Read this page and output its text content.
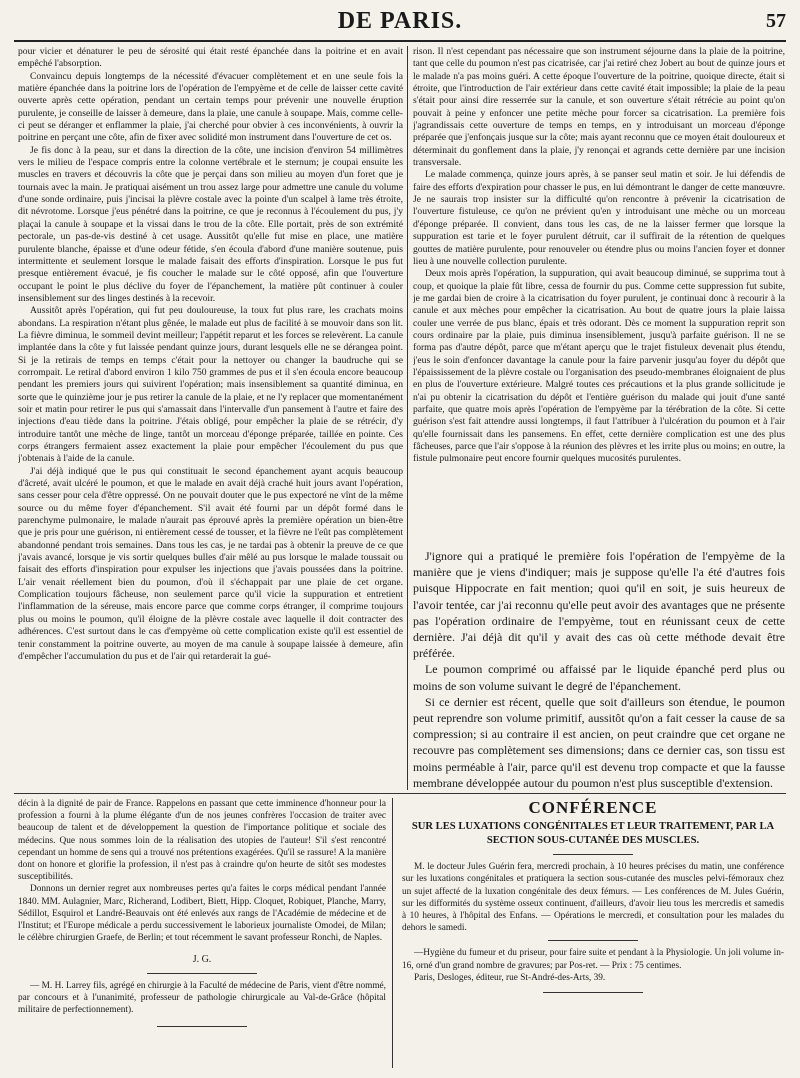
DE PARIS.	57

pour vicier et dénaturer le peu de sérosité qui était resté épanchée dans la poitrine et en avait empêché l'absorption.

Convaincu depuis longtemps de la nécessité d'évacuer complètement et en une seule fois la matière épanchée dans la poitrine lors de l'opération de l'empyème et de celle de laisser cette cavité ouverte après cette opération, pendant un certain temps pour prévenir une nouvelle éruption purulente, je conseille de laisser à demeure, dans la plaie, une canule à soupape. Mais, comme celle-ci peut se déranger et enflammer la plaie, j'ai cherché pour obvier à ces inconvénients, à ouvrir la poitrine en perçant une côte, afin de fixer avec solidité mon instrument dans l'ouverture de cet os.

Je fis donc à la peau, sur et dans la direction de la côte, une incision d'environ 54 millimètres vers le milieu de l'espace compris entre la colonne vertébrale et le sternum; je coupai ensuite les muscles en travers et découvris la côte que je perçai dans son milieu au moyen d'un foret que je tournais avec la main. Je pratiquai aisément un trou assez large pour admettre une canule du volume d'une sonde ordinaire, puis j'incisai la plèvre costale avec la pointe d'un scalpel à lame très étroite, dit névrotome. Lorsque j'eus pénétré dans la poitrine, ce que je reconnus à l'écoulement du pus, j'y plaçai la canule à soupape et la vissai dans le trou de la côte. Elle portait, près de son extrémité pectorale, un pas-de-vis destiné à cet usage. Aussitôt qu'elle fut mise en place, une matière purulente blanche, épaisse et d'une odeur fétide, s'en écoula d'abord d'une manière soutenue, puis intermittente et seulement lorsque le malade faisait des efforts d'inspiration. Lorsque le pus fut presque entièrement évacué, je fis coucher le malade sur le côté opposé, afin que l'ouverture occupant le point le plus déclive du foyer de l'épanchement, la matière pût continuer à couler insensiblement sur des linges destinés à la recevoir.

Aussitôt après l'opération, qui fut peu douloureuse, la toux fut plus rare, les crachats moins abondans. La respiration n'étant plus gênée, le malade eut plus de facilité à se mouvoir dans son lit. La fièvre diminua, le sommeil devint meilleur; l'appétit reparut et les forces se relevèrent. La canule implantée dans la côte y fut laissée pendant quinze jours, durant lesquels elle ne se dérangea point. Si je la retirais de temps en temps c'était pour la nettoyer ou changer la baudruche qui se corrompait. Le retiral d'abord environ 1 kilo 750 grammes de pus et il s'en écoula encore beaucoup pendant les premiers jours qui suivirent l'opération; mais insensiblement sa quantité diminua, en sorte que le quinzième jour je pus retirer la canule de la plaie, et ne l'y replacer que momentanément soir et matin pour retirer le pus qui s'amassait dans l'intervalle d'un pansement à l'autre et faire des injections d'eau tiède dans la poitrine. J'étais obligé, pour empêcher la plaie de se rétrécir, d'y introduire tantôt une mèche de linge, tantôt un morceau d'éponge préparée, taillée en pointe. Ces corps étrangers fermaient assez exactement la plaie pour empêcher l'écoulement du pus que j'obtenais à l'aide de la canule.

J'ai déjà indiqué que le pus qui constituait le second épanchement ayant acquis beaucoup d'âcreté, avait ulcéré le poumon, et que le malade en avait déjà craché huit jours avant l'opération, sans cesser pour cela d'être oppressé. On ne pouvait douter que le pus expectoré ne vînt de la même source ou du même foyer d'épanchement. S'il avait été fourni par un dépôt formé dans le parenchyme pulmonaire, le malade n'aurait pas éprouvé après la première opération un bien-être que je pris pour une guérison, ni entièrement cessé de tousser, et la fièvre ne l'eût pas complètement abandonné pendant trois semaines. Dans tous les cas, je ne tardai pas à obtenir la preuve de ce que j'avais avancé, lorsque je vis sortir quelques bulles d'air mêlé au pus lorsque le malade toussait ou faisait des efforts d'inspiration pour expulser les injections que j'avais poussées dans la poitrine. L'air venait réellement bien du poumon, d'où il s'échappait par une plaie de cet organe. Complication toujours fâcheuse, non seulement parce qu'il vicie la suppuration et entretient l'inflammation de la séreuse, mais encore parce que comme corps étranger, il comprime toujours plus ou moins le poumon, qu'il éloigne de la plèvre costale avec laquelle il doit contracter des adhérences. C'est surtout dans le cas d'empyème où cette complication existe qu'il est essentiel de tenir constamment la poitrine ouverte, au moyen de ma canule à soupape laissée à demeure, afin d'empêcher l'accumulation du pus et de l'air qui retarderait la gué-

rison. Il n'est cependant pas nécessaire que son instrument séjourne dans la plaie de la poitrine, tant que celle du poumon n'est pas cicatrisée, car j'ai retiré chez Jobert au bout de quinze jours et le malade n'a pas moins guéri. A cette époque l'ouverture de la poitrine, quoique directe, était si étroite, que l'introduction de l'air extérieur dans cette cavité était impossible; la plaie de la peau s'était pour ainsi dire resserrée sur la canule, et son ouverture s'était rétrécie au point qu'on pouvait à peine y enfoncer une petite mèche pour forcer sa cicatrisation. La première fois j'agrandissais cette ouverture de temps en temps, en y introduisant un morceau d'éponge préparée que j'enfonçais jusque sur la côte; mais ayant reconnu que ce moyen était douloureux et déterminait du gonflement dans la plaie, j'y renonçai et agrands cette dernière par une incision transversale.

Le malade commença, quinze jours après, à se panser seul matin et soir. Je lui défendis de faire des efforts d'expiration pour chasser le pus, en lui démontrant le danger de cette manœuvre. Je ne saurais trop insister sur la difficulté qu'on rencontre à prévenir la cicatrisation de l'ouverture fistuleuse, ce qu'on ne prévient qu'en y introduisant une mèche ou un morceau d'éponge préparée. Il convient, dans tous les cas, de ne la laisser fermer que lorsque la suppuration est tarie et le foyer purulent détruit, car il suffirait de la rétention de quelques gouttes de matière purulente, pour renouveler ou étendre plus ou moins l'ancien foyer et donner lieu à une nouvelle collection purulente.

Deux mois après l'opération, la suppuration, qui avait beaucoup diminué, se supprima tout à coup, et quoique la plaie fût libre, cessa de fournir du pus. Comme cette suppression fut subite, je me gardai bien de croire à la cicatrisation du foyer purulent, je continuai donc à recourir à la canule et aux mèches pour empêcher la cicatrisation. Au bout de quatre jours la plaie laissa couler une verrée de pus blanc, épais et très odorant. Dès ce moment la suppuration reprit son cours ordinaire par la plaie, puis diminua insensiblement, jusqu'à parfaite guérison. Il ne se forma pas d'autre dépôt, parce que m'étant aperçu que le trajet fistuleux devenait plus étendu, j'eus le soin d'enfoncer davantage la canule pour la faire parvenir jusqu'au foyer du dépôt que l'épaississement de la plèvre costale ou l'organisation des pseudo-membranes éloignaient de plus en plus de l'ouverture extérieure. Malgré toutes ces précautions et la plus grande sollicitude je n'ai pu obtenir la cicatrisation du dépôt et l'entière guérison du malade qui jouit d'une santé parfaite, que quatre mois après l'opération de l'empyème par la térébration de la côte. Si cette guérison s'est fait attendre aussi longtemps, il faut l'attribuer à l'ulcération du poumon et à l'air qu'elle fournissait dans les pansemens. En effet, cette dernière complication est une des plus fâcheuses, parce que l'air s'oppose à la réunion des plèvres et les irrite plus ou moins; en outre, la fistule pulmonaire peut encore fournir quelques mucosités purulentes.

J'ignore qui a pratiqué le première fois l'opération de l'empyème de la manière que je viens d'indiquer; mais je suppose qu'elle l'a été d'autres fois puisque Hippocrate en fait mention; quoi qu'il en soit, je suis heureux de l'avoir tentée, car j'ai reconnu qu'elle peut avoir des avantages que ne présente pas l'opération ordinaire de l'empyème, tout en réunissant ceux de cette dernière. J'ai déjà dit qu'il y avait des cas où cette méthode devait être préférée.

Le poumon comprimé ou affaissé par le liquide épanché perd plus ou moins de son volume suivant le degré de l'épanchement.

Si ce dernier est récent, quelle que soit d'ailleurs son étendue, le poumon peut reprendre son volume primitif, aussitôt qu'on a fait cesser la cause de sa compression; si au contraire il est ancien, on peut craindre que cet organe ne recouvre pas complètement ses dimensions; dans ce dernier cas, son tissu est moins perméable à l'air, parce qu'il est devenu trop compacte et que la fausse membrane développée autour du poumon n'est plus susceptible d'extension.

décin à la dignité de pair de France. Rappelons en passant que cette imminence d'honneur pour la profession a fourni à la plume élégante d'un de nos jeunes confrères l'occasion de traiter avec beaucoup de talent et de développement la question de l'importance politique et sociale des médecins. Que nous sommes loin de la réalisation des utopies de l'auteur! S'il s'est rencontré cependant un homme de sens qui a trouvé nos prétentions exagérées. Qu'il se rassure! A la manière dont on honore et glorifie la profession, il n'est pas à craindre qu'on heurte de sitôt ses modestes susceptibilités.

Donnons un dernier regret aux nombreuses pertes qu'a faites le corps médical pendant l'année 1840. MM. Aulagnier, Marc, Richerand, Lodibert, Biett, Hipp. Cloquet, Robiquet, Planche, Marry, Sédillot, Esquirol et Landré-Beauvais ont été enlevés aux rangs de l'Académie de médecine et de l'Institut; et l'Europe médicale a perdu successivement le laborieux journaliste Omodei, de Milan; le célèbre chirurgien Graefe, de Berlin; et tout récemment le savant professeur Ronchi, de Naples.

J. G.

— M. H. Larrey fils, agrégé en chirurgie à la Faculté de médecine de Paris, vient d'être nommé, par concours et à l'unanimité, professeur de pathologie chirurgicale au Val-de-Grâce (hôpital militaire de perfectionnement).

CONFÉRENCE
SUR LES LUXATIONS CONGÉNITALES ET LEUR TRAITEMENT, PAR LA SECTION SOUS-CUTANÉE DES MUSCLES.

M. le docteur Jules Guérin fera, mercredi prochain, à 10 heures précises du matin, une conférence sur les luxations congénitales et pratiquera la section sous-cutanée des muscles pelvi-fémoraux chez un sujet affecté de la luxation congénitale des deux fémurs. — Les conférences de M. Jules Guérin, sur les difformités du système osseux continuent, d'ailleurs, d'avoir lieu tous les mercredis et samedis à 10 heures, à l'hôpital des Enfans. — Opérations le mercredi, et consultation pour les malades du dehors le samedi.

—Hygiène du fumeur et du priseur, pour faire suite et pendant à la Physiologie. Un joli volume in-16, orné d'un grand nombre de gravures; par Pos-ret. — Prix : 75 centimes.

Paris, Desloges, éditeur, rue St-André-des-Arts, 39.
